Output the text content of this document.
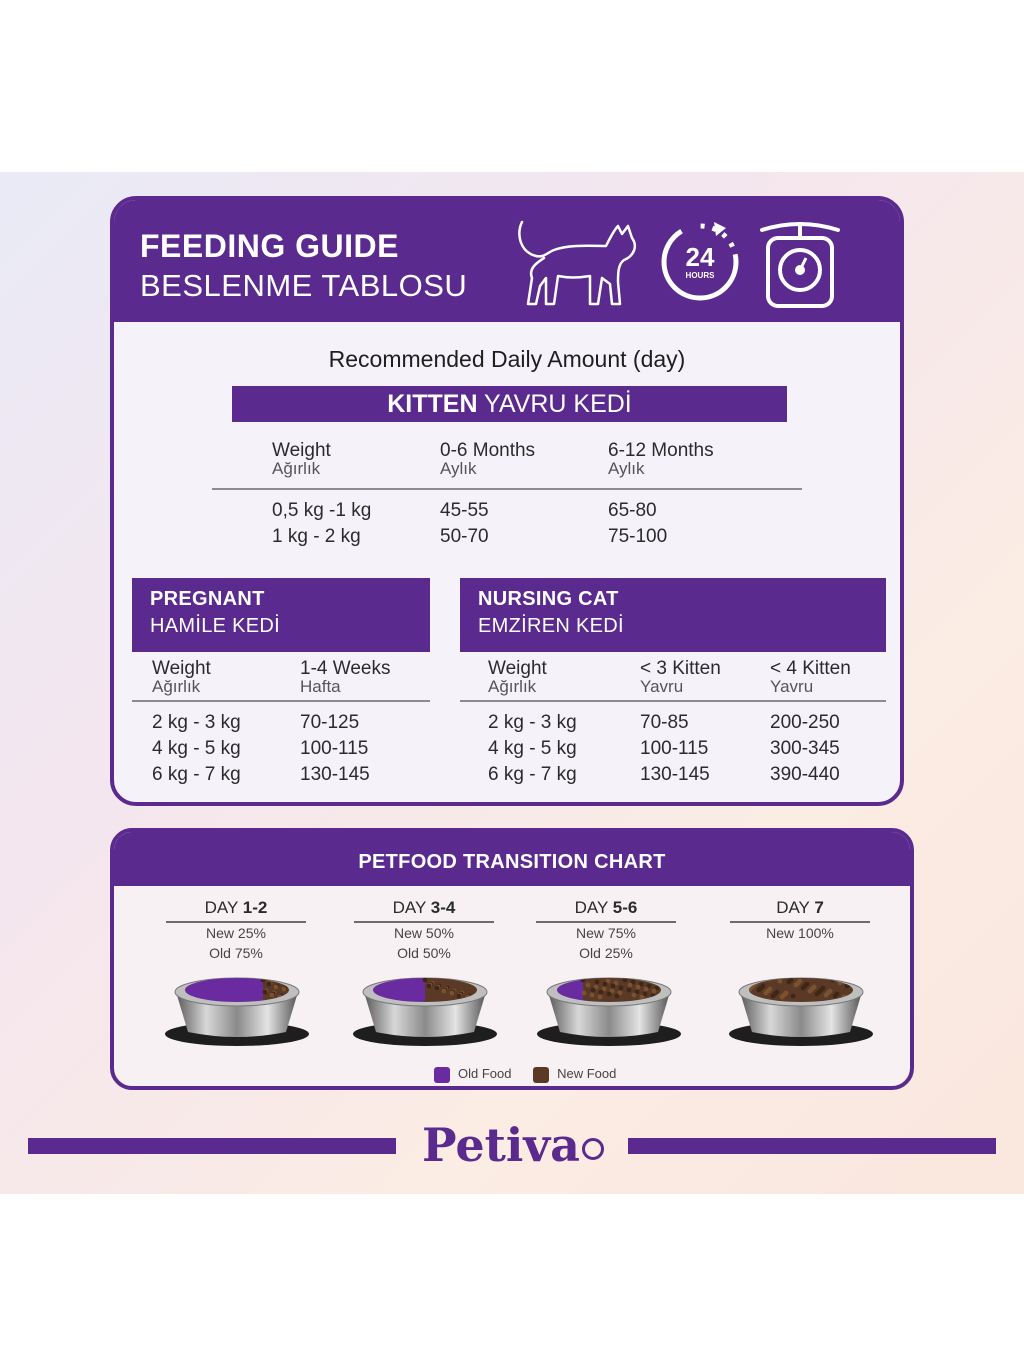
FEEDING GUIDE
BESLENME TABLOSU
24
HOURS
Recommended Daily Amount (day)
KITTEN YAVRU KEDİ
Weight
Ağırlık
0-6 Months
Aylık
6-12 Months
Aylık
0,5 kg -1 kg
1 kg - 2 kg
45-55
50-70
65-80
75-100
PREGNANT
HAMİLE KEDİ
Weight
Ağırlık
1-4 Weeks
Hafta
2 kg - 3 kg
4 kg - 5 kg
6 kg - 7 kg
70-125
100-115
130-145
NURSING CAT
EMZİREN KEDİ
Weight
Ağırlık
< 3 Kitten
Yavru
< 4 Kitten
Yavru
2 kg - 3 kg
4 kg - 5 kg
6 kg - 7 kg
70-85
100-115
130-145
200-250
300-345
390-440
PETFOOD TRANSITION CHART
DAY 1-2
New 25%
Old 75%
DAY 3-4
New 50%
Old 50%
DAY 5-6
New 75%
Old 25%
DAY 7
New 100%
Old Food	New Food
Petiva
